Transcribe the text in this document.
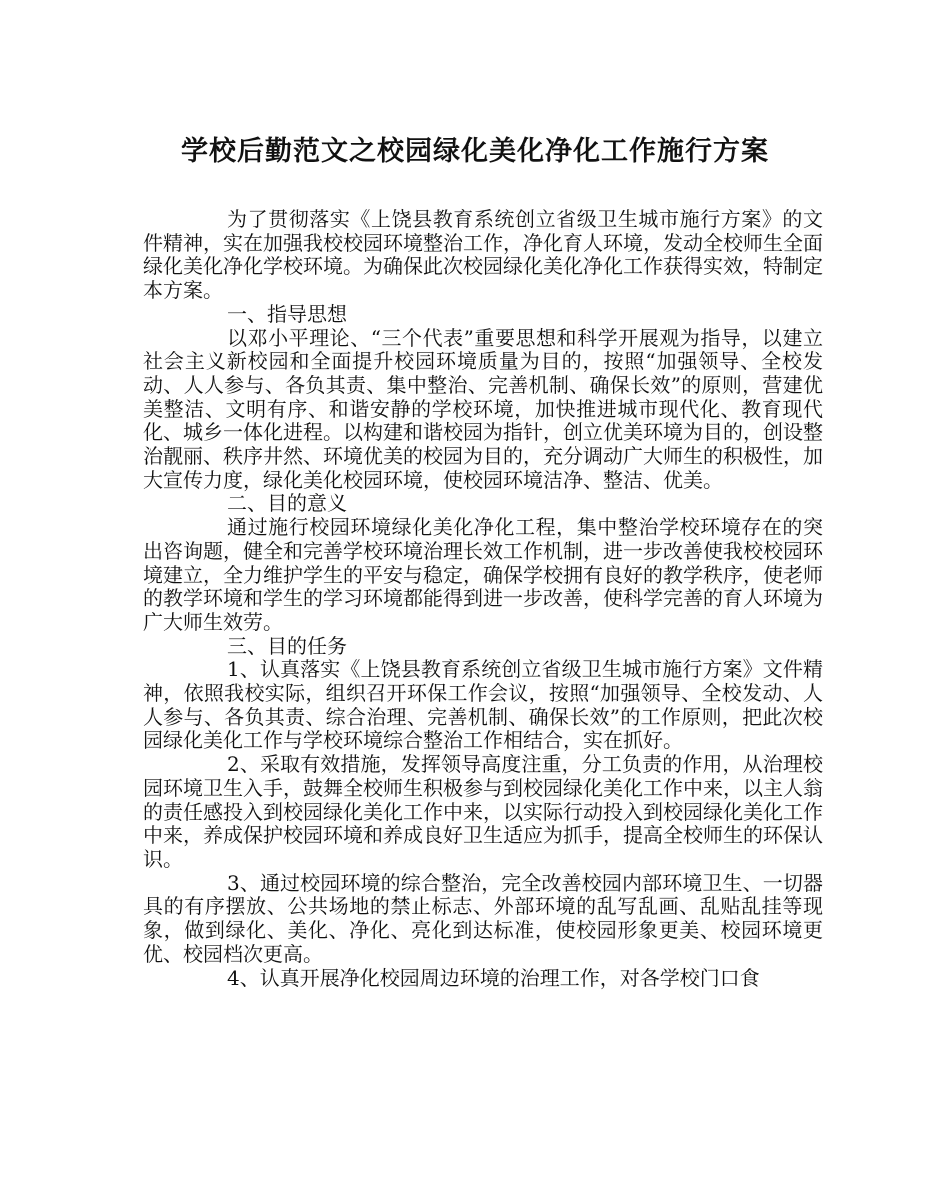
学校后勤范文之校园绿化美化净化工作施行方案

为了贯彻落实《上饶县教育系统创立省级卫生城市施行方案》的文件精神，实在加强我校校园环境整治工作，净化育人环境，发动全校师生全面绿化美化净化学校环境。为确保此次校园绿化美化净化工作获得实效，特制定本方案。

一、指导思想

以邓小平理论、“三个代表”重要思想和科学开展观为指导，以建立社会主义新校园和全面提升校园环境质量为目的，按照“加强领导、全校发动、人人参与、各负其责、集中整治、完善机制、确保长效”的原则，营建优美整洁、文明有序、和谐安静的学校环境，加快推进城市现代化、教育现代化、城乡一体化进程。以构建和谐校园为指针，创立优美环境为目的，创设整治靓丽、秩序井然、环境优美的校园为目的，充分调动广大师生的积极性，加大宣传力度，绿化美化校园环境，使校园环境洁净、整洁、优美。

二、目的意义

通过施行校园环境绿化美化净化工程，集中整治学校环境存在的突出咨询题，健全和完善学校环境治理长效工作机制，进一步改善使我校校园环境建立，全力维护学生的平安与稳定，确保学校拥有良好的教学秩序，使老师的教学环境和学生的学习环境都能得到进一步改善，使科学完善的育人环境为广大师生效劳。

三、目的任务

1、认真落实《上饶县教育系统创立省级卫生城市施行方案》文件精神，依照我校实际，组织召开环保工作会议，按照“加强领导、全校发动、人人参与、各负其责、综合治理、完善机制、确保长效”的工作原则，把此次校园绿化美化工作与学校环境综合整治工作相结合，实在抓好。

2、采取有效措施，发挥领导高度注重，分工负责的作用，从治理校园环境卫生入手，鼓舞全校师生积极参与到校园绿化美化工作中来，以主人翁的责任感投入到校园绿化美化工作中来，以实际行动投入到校园绿化美化工作中来，养成保护校园环境和养成良好卫生适应为抓手，提高全校师生的环保认识。

3、通过校园环境的综合整治，完全改善校园内部环境卫生、一切器具的有序摆放、公共场地的禁止标志、外部环境的乱写乱画、乱贴乱挂等现象，做到绿化、美化、净化、亮化到达标准，使校园形象更美、校园环境更优、校园档次更高。

4、认真开展净化校园周边环境的治理工作，对各学校门口食
